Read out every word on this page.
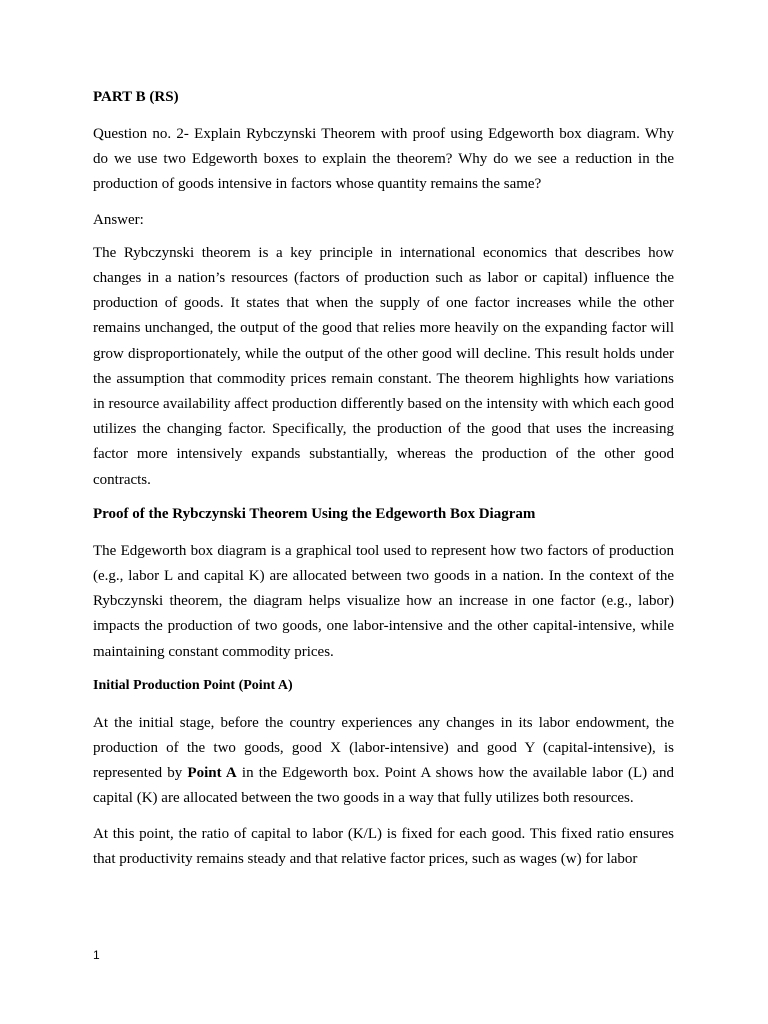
PART B (RS)

Question no. 2- Explain Rybczynski Theorem with proof using Edgeworth box diagram. Why do we use two Edgeworth boxes to explain the theorem? Why do we see a reduction in the production of goods intensive in factors whose quantity remains the same?

Answer:

The Rybczynski theorem is a key principle in international economics that describes how changes in a nation’s resources (factors of production such as labor or capital) influence the production of goods. It states that when the supply of one factor increases while the other remains unchanged, the output of the good that relies more heavily on the expanding factor will grow disproportionately, while the output of the other good will decline. This result holds under the assumption that commodity prices remain constant. The theorem highlights how variations in resource availability affect production differently based on the intensity with which each good utilizes the changing factor. Specifically, the production of the good that uses the increasing factor more intensively expands substantially, whereas the production of the other good contracts.

Proof of the Rybczynski Theorem Using the Edgeworth Box Diagram

The Edgeworth box diagram is a graphical tool used to represent how two factors of production (e.g., labor L and capital K) are allocated between two goods in a nation. In the context of the Rybczynski theorem, the diagram helps visualize how an increase in one factor (e.g., labor) impacts the production of two goods, one labor-intensive and the other capital-intensive, while maintaining constant commodity prices.

Initial Production Point (Point A)

At the initial stage, before the country experiences any changes in its labor endowment, the production of the two goods, good X (labor-intensive) and good Y (capital-intensive), is represented by Point A in the Edgeworth box. Point A shows how the available labor (L) and capital (K) are allocated between the two goods in a way that fully utilizes both resources.

At this point, the ratio of capital to labor (K/L) is fixed for each good. This fixed ratio ensures that productivity remains steady and that relative factor prices, such as wages (w) for labor

1
